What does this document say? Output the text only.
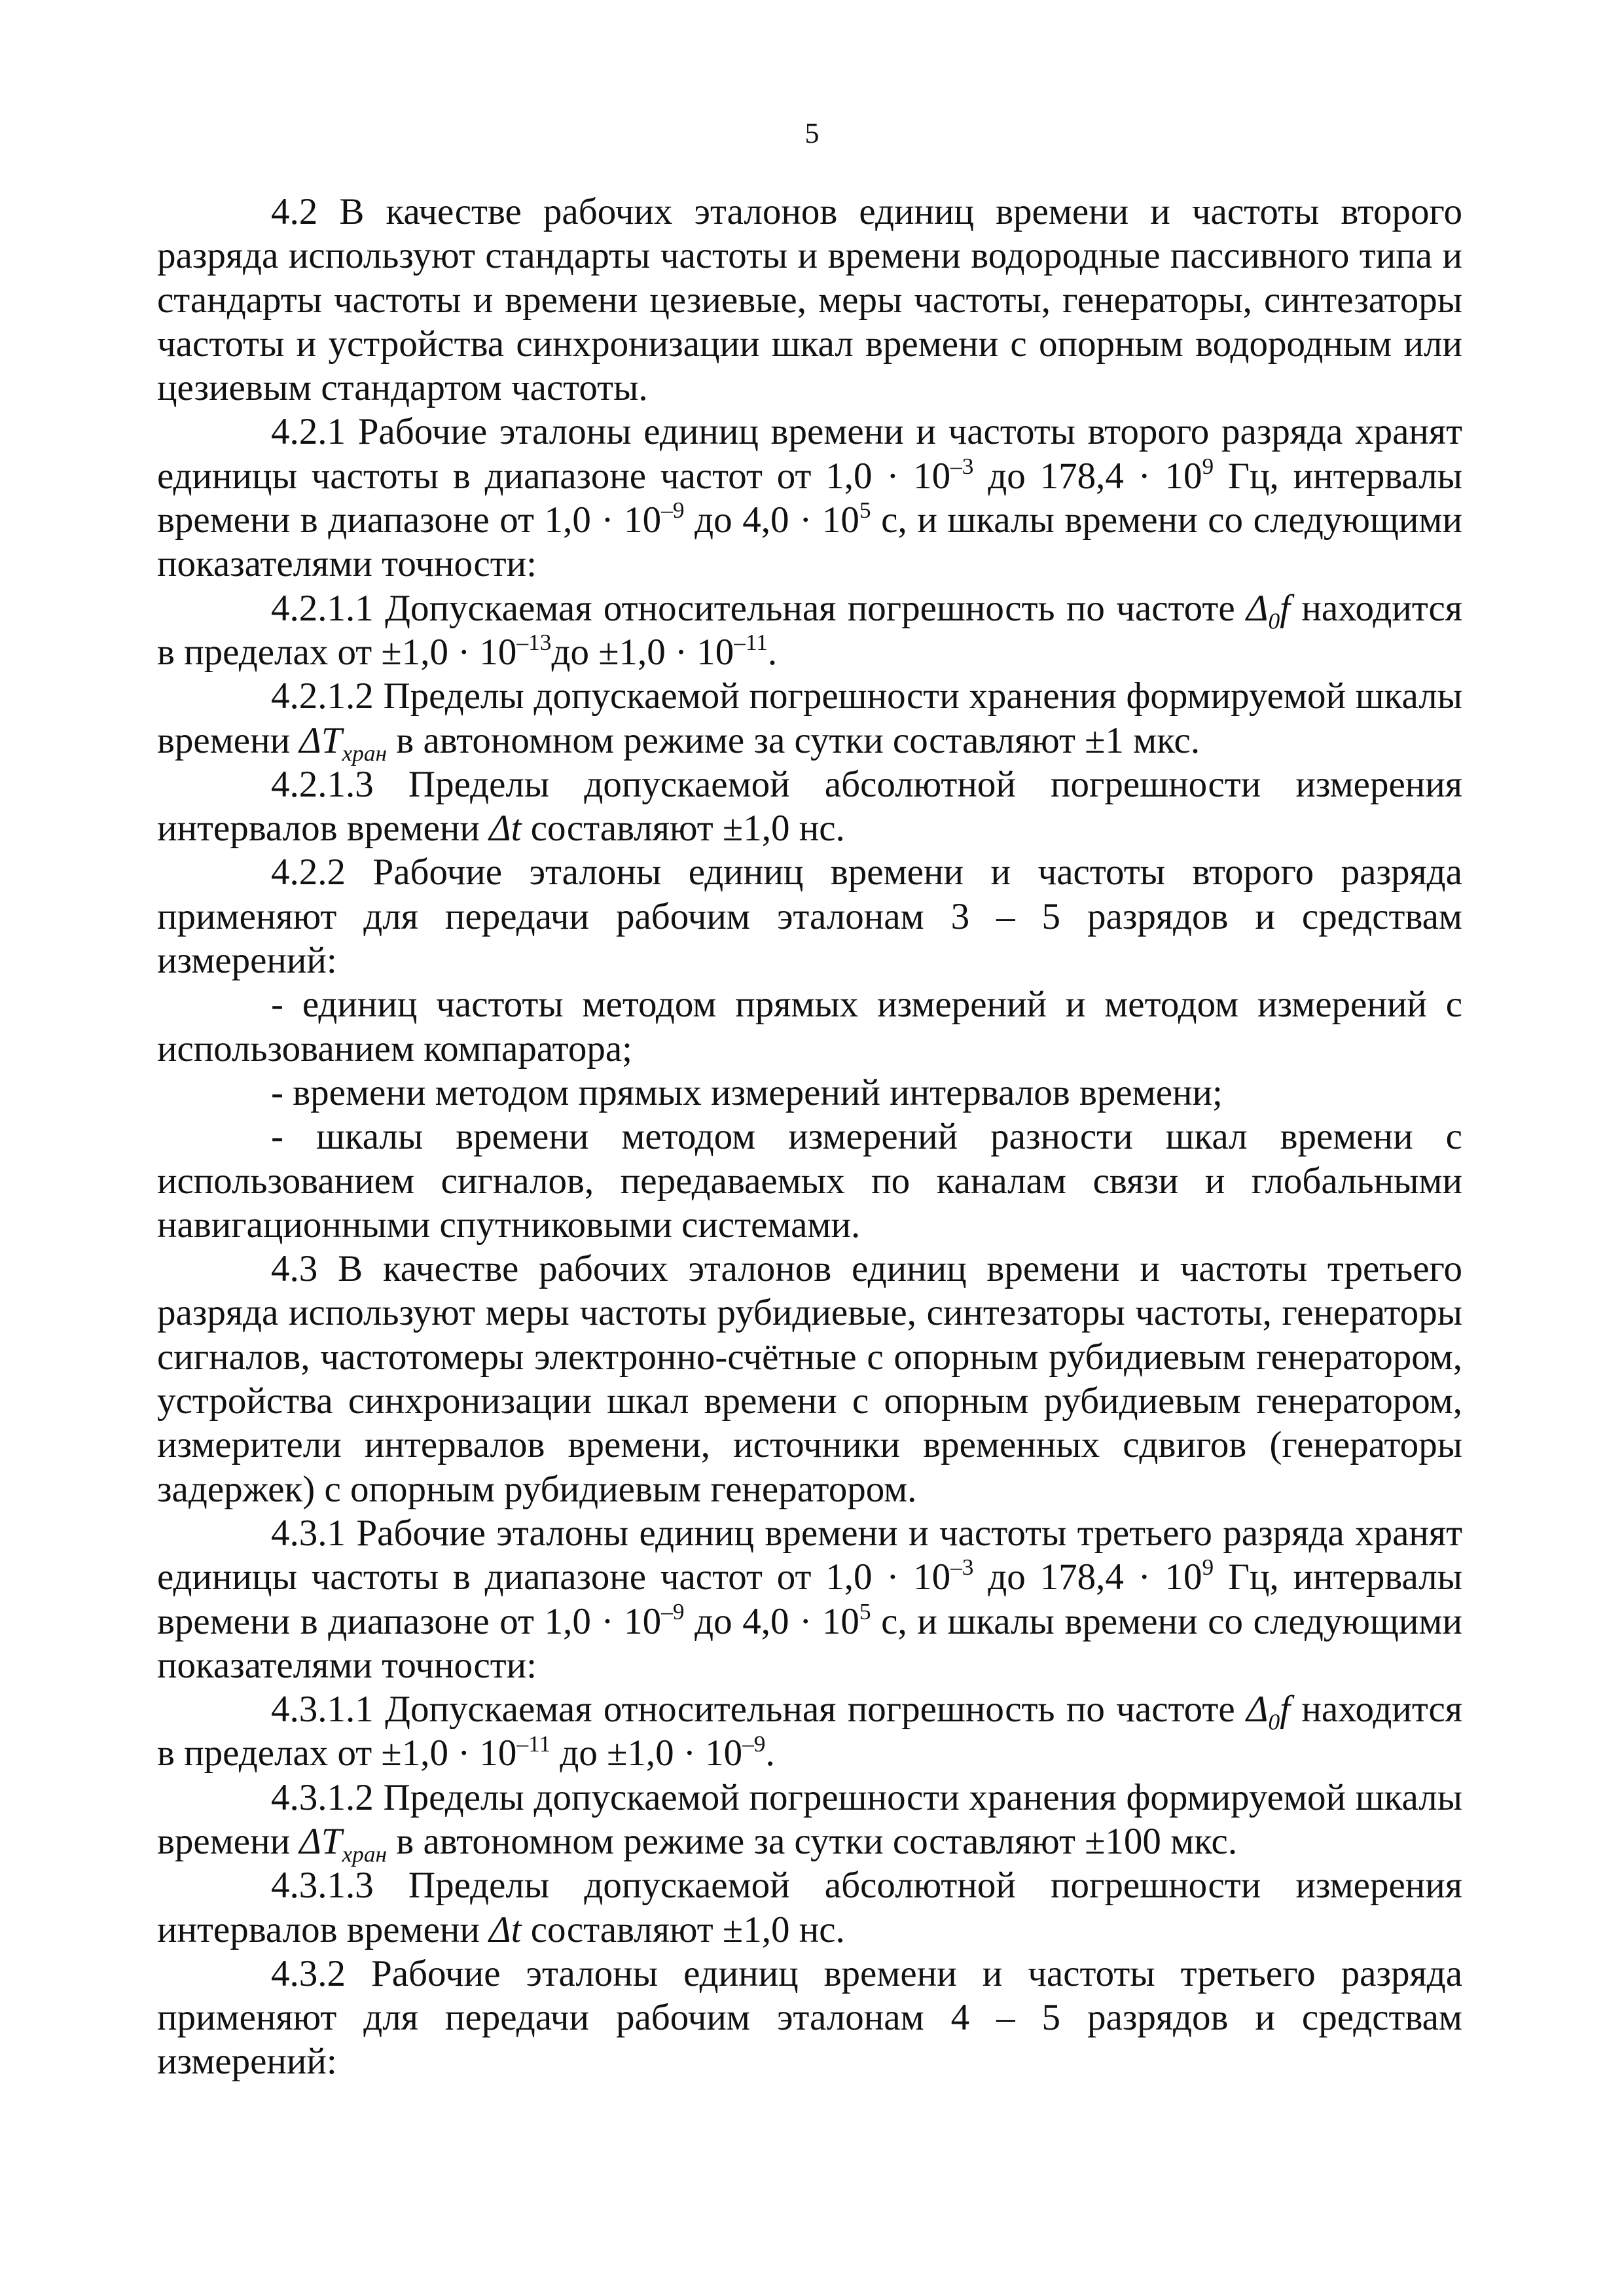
5

4.2 В качестве рабочих эталонов единиц времени и частоты второго разряда используют стандарты частоты и времени водородные пассивного типа и стандарты частоты и времени цезиевые, меры частоты, генераторы, синтезаторы частоты и устройства синхронизации шкал времени с опорным водородным или цезиевым стандартом частоты.

4.2.1 Рабочие эталоны единиц времени и частоты второго разряда хранят единицы частоты в диапазоне частот от $1,0 \cdot 10^{-3}$ до $178,4 \cdot 10^9$ Гц, интервалы времени в диапазоне от $1,0 \cdot 10^{-9}$ до $4,0 \cdot 10^5$ с, и шкалы времени со следующими показателями точности:

4.2.1.1 Допускаемая относительная погрешность по частоте $\Delta_0f$ находится в пределах от $\pm 1,0 \cdot 10^{-13}до \pm 1,0 \cdot 10^{-11}$.

4.2.1.2 Пределы допускаемой погрешности хранения формируемой шкалы времени $\Delta T_{хран}$ в автономном режиме за сутки составляют ±1 мкс.

4.2.1.3 Пределы допускаемой абсолютной погрешности измерения интервалов времени Δt составляют ±1,0 нс.

4.2.2 Рабочие эталоны единиц времени и частоты второго разряда применяют для передачи рабочим эталонам 3 – 5 разрядов и средствам измерений:

- единиц частоты методом прямых измерений и методом измерений с использованием компаратора;

- времени методом прямых измерений интервалов времени;

- шкалы времени методом измерений разности шкал времени с использованием сигналов, передаваемых по каналам связи и глобальными навигационными спутниковыми системами.

4.3 В качестве рабочих эталонов единиц времени и частоты третьего разряда используют меры частоты рубидиевые, синтезаторы частоты, генераторы сигналов, частотомеры электронно-счётные с опорным рубидиевым генератором, устройства синхронизации шкал времени с опорным рубидиевым генератором, измерители интервалов времени, источники временных сдвигов (генераторы задержек) с опорным рубидиевым генератором.

4.3.1 Рабочие эталоны единиц времени и частоты третьего разряда хранят единицы частоты в диапазоне частот от $1,0 \cdot 10^{-3}$ до $178,4 \cdot 10^9$ Гц, интервалы времени в диапазоне от $1,0 \cdot 10^{-9}$ до $4,0 \cdot 10^5$ с, и шкалы времени со следующими показателями точности:

4.3.1.1 Допускаемая относительная погрешность по частоте $\Delta_0f$ находится в пределах от $\pm 1,0 \cdot 10^{-11}$ до $\pm 1,0 \cdot 10^{-9}$.

4.3.1.2 Пределы допускаемой погрешности хранения формируемой шкалы времени $\Delta T_{хран}$ в автономном режиме за сутки составляют ±100 мкс.

4.3.1.3 Пределы допускаемой абсолютной погрешности измерения интервалов времени Δt составляют ±1,0 нс.

4.3.2 Рабочие эталоны единиц времени и частоты третьего разряда применяют для передачи рабочим эталонам 4 – 5 разрядов и средствам измерений:
